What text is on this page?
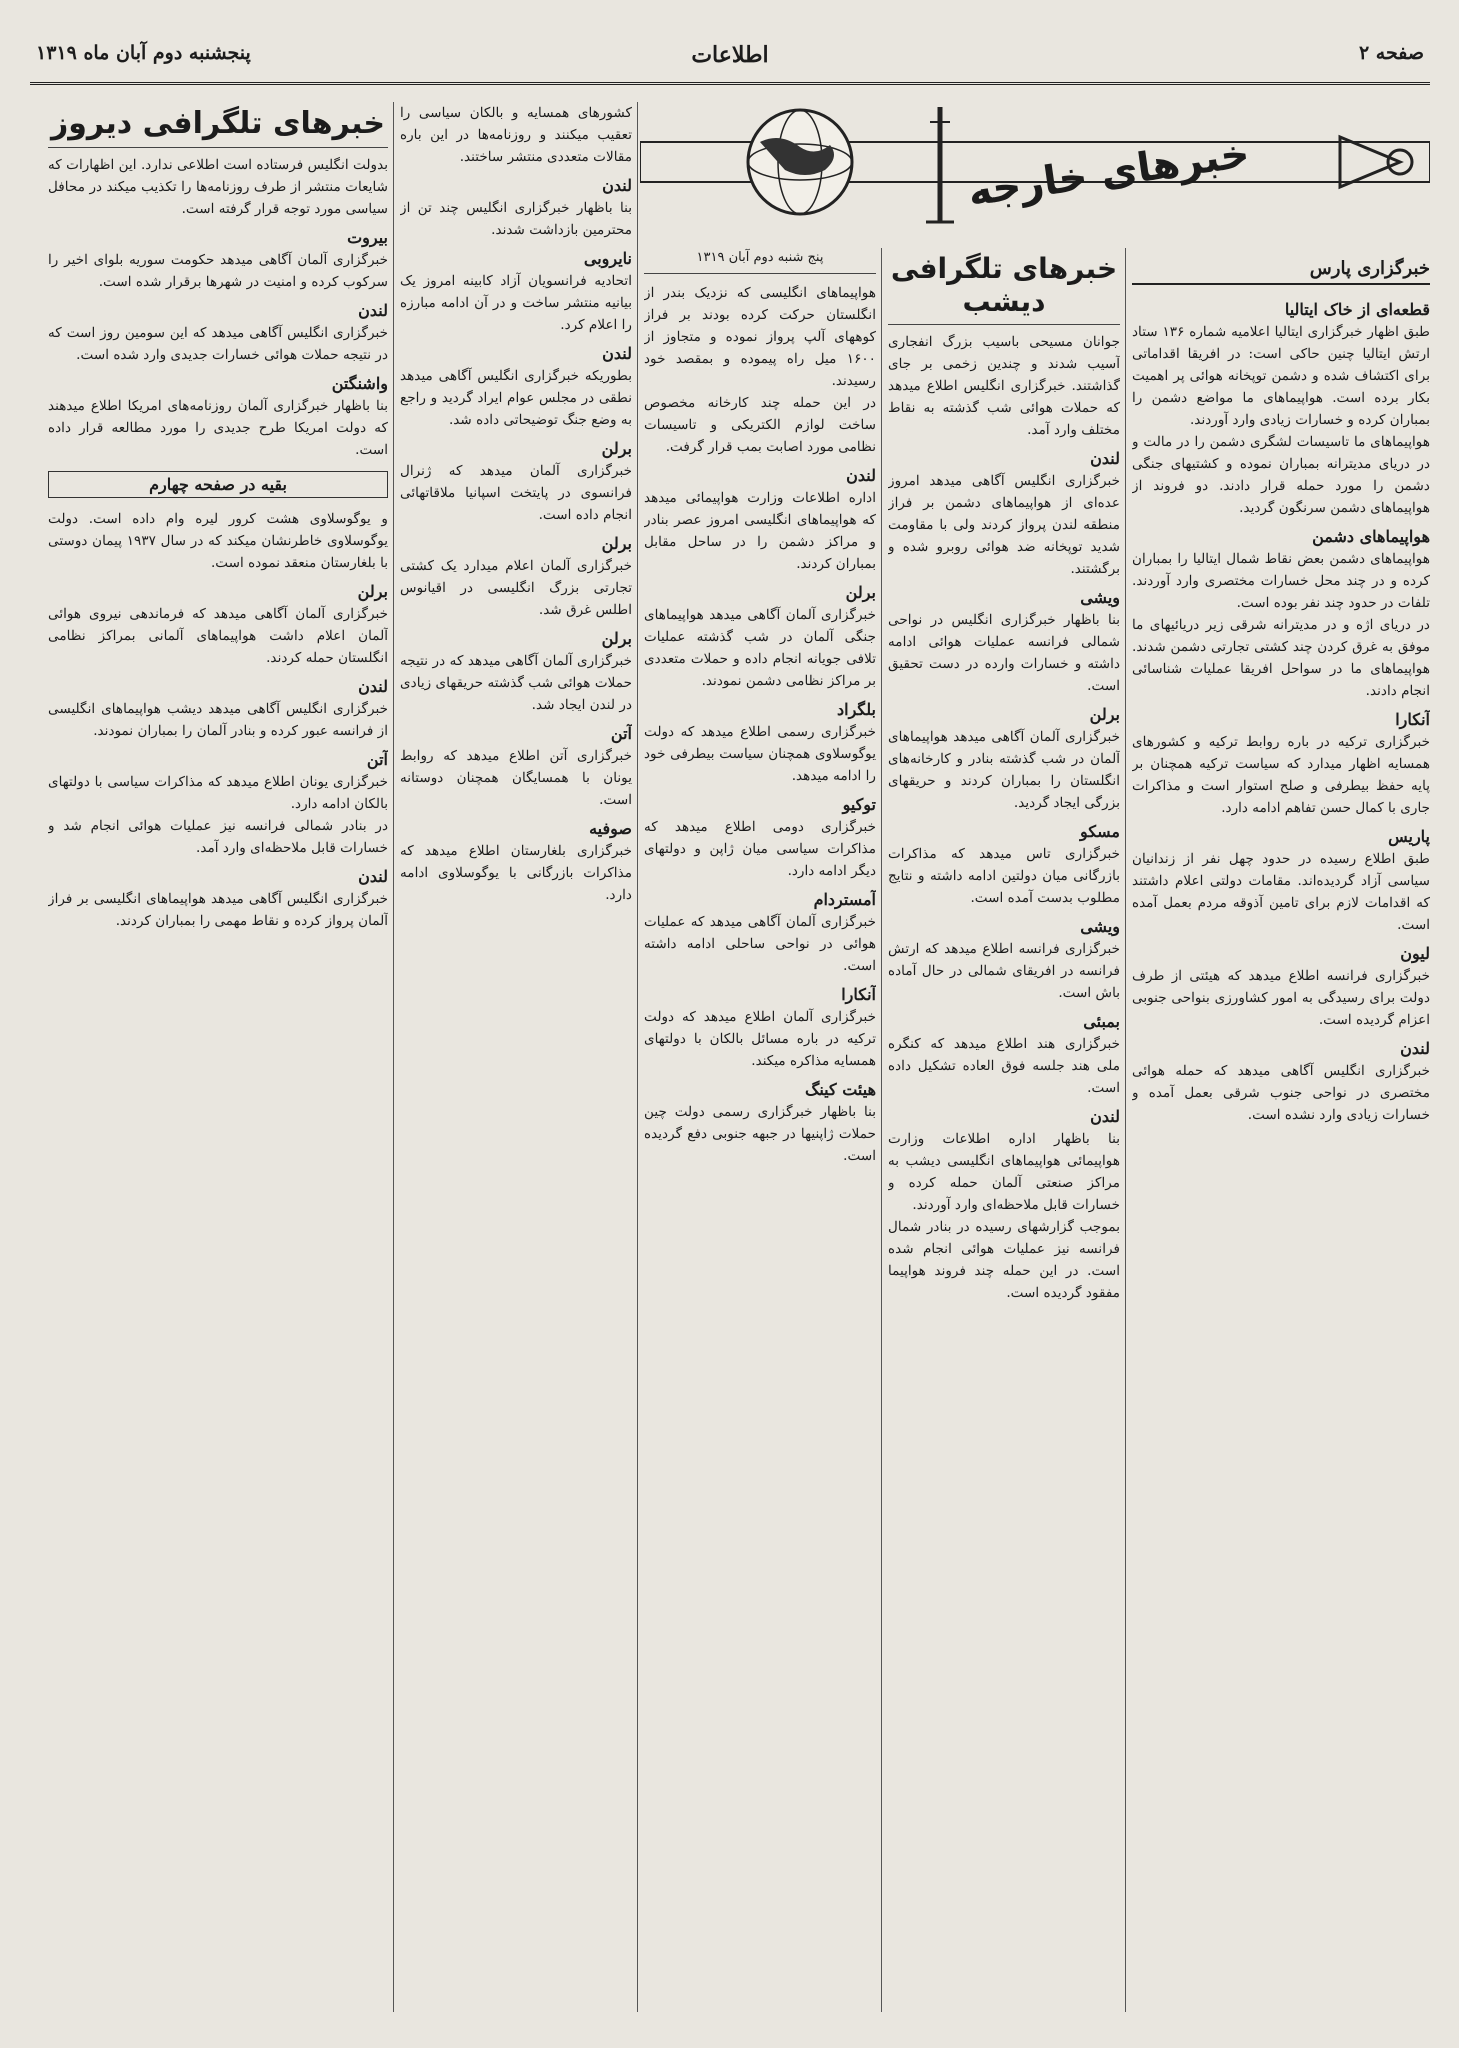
صفحه ۲
اطلاعات
پنجشنبه دوم آبان ماه ۱۳۱۹
خبرهای خارجه
خبرگزاری پارس
قطعه‌ای از خاک ایتالیا

طبق اظهار خبرگزاری ایتالیا اعلامیه شماره ۱۳۶ ستاد ارتش ایتالیا چنین حاکی است: در افریقا اقداماتی برای اکتشاف شده و دشمن توپخانه هوائی پر اهمیت بکار برده است. هواپیماهای ما مواضع دشمن را بمباران کرده و خسارات زیادی وارد آوردند.

هواپیماهای ما تاسیسات لشگری دشمن را در مالت و در دریای مدیترانه بمباران نموده و کشتیهای جنگی دشمن را مورد حمله قرار دادند. دو فروند از هواپیماهای دشمن سرنگون گردید.

هواپیماهای دشمن

هواپیماهای دشمن بعض نقاط شمال ایتالیا را بمباران کرده و در چند محل خسارات مختصری وارد آوردند. تلفات در حدود چند نفر بوده است.

در دریای اژه و در مدیترانه شرقی زیر دریائیهای ما موفق به غرق کردن چند کشتی تجارتی دشمن شدند. هواپیماهای ما در سواحل افریقا عملیات شناسائی انجام دادند.

آنکارا

خبرگزاری ترکیه در باره روابط ترکیه و کشورهای همسایه اظهار میدارد که سیاست ترکیه همچنان بر پایه حفظ بیطرفی و صلح استوار است و مذاکرات جاری با کمال حسن تفاهم ادامه دارد.

پاریس

طبق اطلاع رسیده در حدود چهل نفر از زندانیان سیاسی آزاد گردیده‌اند. مقامات دولتی اعلام داشتند که اقدامات لازم برای تامین آذوقه مردم بعمل آمده است.

لیون

خبرگزاری فرانسه اطلاع میدهد که هیئتی از طرف دولت برای رسیدگی به امور کشاورزی بنواحی جنوبی اعزام گردیده است.

لندن

خبرگزاری انگلیس آگاهی میدهد که حمله هوائی مختصری در نواحی جنوب شرقی بعمل آمده و خسارات زیادی وارد نشده است.

خبرهای تلگرافی دیشب

جوانان مسیحی باسیب بزرگ انفجاری آسیب شدند و چندین زخمی بر جای گذاشتند. خبرگزاری انگلیس اطلاع میدهد که حملات هوائی شب گذشته به نقاط مختلف وارد آمد.

لندن

خبرگزاری انگلیس آگاهی میدهد امروز عده‌ای از هواپیماهای دشمن بر فراز منطقه لندن پرواز کردند ولی با مقاومت شدید توپخانه ضد هوائی روبرو شده و برگشتند.

ویشی

بنا باظهار خبرگزاری انگلیس در نواحی شمالی فرانسه عملیات هوائی ادامه داشته و خسارات وارده در دست تحقیق است.

برلن

خبرگزاری آلمان آگاهی میدهد هواپیماهای آلمان در شب گذشته بنادر و کارخانه‌های انگلستان را بمباران کردند و حریقهای بزرگی ایجاد گردید.

مسکو

خبرگزاری تاس میدهد که مذاکرات بازرگانی میان دولتین ادامه داشته و نتایج مطلوب بدست آمده است.

ویشی

خبرگزاری فرانسه اطلاع میدهد که ارتش فرانسه در افریقای شمالی در حال آماده باش است.

بمبئی

خبرگزاری هند اطلاع میدهد که کنگره ملی هند جلسه فوق العاده تشکیل داده است.

لندن

بنا باظهار اداره اطلاعات وزارت هواپیمائی هواپیماهای انگلیسی دیشب به مراکز صنعتی آلمان حمله کرده و خسارات قابل ملاحظه‌ای وارد آوردند.

بموجب گزارشهای رسیده در بنادر شمال فرانسه نیز عملیات هوائی انجام شده است. در این حمله چند فروند هواپیما مفقود گردیده است.

پنج شنبه دوم آبان ۱۳۱۹

هواپیماهای انگلیسی که نزدیک بندر از انگلستان حرکت کرده بودند بر فراز کوههای آلپ پرواز نموده و متجاوز از ۱۶۰۰ میل راه پیموده و بمقصد خود رسیدند.

در این حمله چند کارخانه مخصوص ساخت لوازم الکتریکی و تاسیسات نظامی مورد اصابت بمب قرار گرفت.

لندن

اداره اطلاعات وزارت هواپیمائی میدهد که هواپیماهای انگلیسی امروز عصر بنادر و مراکز دشمن را در ساحل مقابل بمباران کردند.

برلن

خبرگزاری آلمان آگاهی میدهد هواپیماهای جنگی آلمان در شب گذشته عملیات تلافی جویانه انجام داده و حملات متعددی بر مراکز نظامی دشمن نمودند.

بلگراد

خبرگزاری رسمی اطلاع میدهد که دولت یوگوسلاوی همچنان سیاست بیطرفی خود را ادامه میدهد.

توکیو

خبرگزاری دومی اطلاع میدهد که مذاکرات سیاسی میان ژاپن و دولتهای دیگر ادامه دارد.

آمستردام

خبرگزاری آلمان آگاهی میدهد که عملیات هوائی در نواحی ساحلی ادامه داشته است.

آنکارا

خبرگزاری آلمان اطلاع میدهد که دولت ترکیه در باره مسائل بالکان با دولتهای همسایه مذاکره میکند.

هیئت کینگ

بنا باظهار خبرگزاری رسمی دولت چین حملات ژاپنیها در جبهه جنوبی دفع گردیده است.

کشورهای همسایه و بالکان سیاسی را تعقیب میکنند و روزنامه‌ها در این باره مقالات متعددی منتشر ساختند.

لندن

بنا باظهار خبرگزاری انگلیس چند تن از محترمین بازداشت شدند.

نایروبی

اتحادیه فرانسویان آزاد کابینه امروز یک بیانیه منتشر ساخت و در آن ادامه مبارزه را اعلام کرد.

لندن

بطوریکه خبرگزاری انگلیس آگاهی میدهد نطقی در مجلس عوام ایراد گردید و راجع به وضع جنگ توضیحاتی داده شد.

برلن

خبرگزاری آلمان میدهد که ژنرال فرانسوی در پایتخت اسپانیا ملاقاتهائی انجام داده است.

برلن

خبرگزاری آلمان اعلام میدارد یک کشتی تجارتی بزرگ انگلیسی در اقیانوس اطلس غرق شد.

برلن

خبرگزاری آلمان آگاهی میدهد که در نتیجه حملات هوائی شب گذشته حریقهای زیادی در لندن ایجاد شد.

آتن

خبرگزاری آتن اطلاع میدهد که روابط یونان با همسایگان همچنان دوستانه است.

صوفیه

خبرگزاری بلغارستان اطلاع میدهد که مذاکرات بازرگانی با یوگوسلاوی ادامه دارد.

خبرهای تلگرافی دیروز

بدولت انگلیس فرستاده است اطلاعی ندارد. این اظهارات که شایعات منتشر از طرف روزنامه‌ها را تکذیب میکند در محافل سیاسی مورد توجه قرار گرفته است.

بیروت

خبرگزاری آلمان آگاهی میدهد حکومت سوریه بلوای اخیر را سرکوب کرده و امنیت در شهرها برقرار شده است.

لندن

خبرگزاری انگلیس آگاهی میدهد که این سومین روز است که در نتیجه حملات هوائی خسارات جدیدی وارد شده است.

واشنگتن

بنا باظهار خبرگزاری آلمان روزنامه‌های امریکا اطلاع میدهند که دولت امریکا طرح جدیدی را مورد مطالعه قرار داده است.

بقیه در صفحه چهارم

و یوگوسلاوی هشت کرور لیره وام داده است. دولت یوگوسلاوی خاطرنشان میکند که در سال ۱۹۳۷ پیمان دوستی با بلغارستان منعقد نموده است.

برلن

خبرگزاری آلمان آگاهی میدهد که فرماندهی نیروی هوائی آلمان اعلام داشت هواپیماهای آلمانی بمراکز نظامی انگلستان حمله کردند.

لندن

خبرگزاری انگلیس آگاهی میدهد دیشب هواپیماهای انگلیسی از فرانسه عبور کرده و بنادر آلمان را بمباران نمودند.

آتن

خبرگزاری یونان اطلاع میدهد که مذاکرات سیاسی با دولتهای بالکان ادامه دارد.

در بنادر شمالی فرانسه نیز عملیات هوائی انجام شد و خسارات قابل ملاحظه‌ای وارد آمد.

لندن

خبرگزاری انگلیس آگاهی میدهد هواپیماهای انگلیسی بر فراز آلمان پرواز کرده و نقاط مهمی را بمباران کردند.
